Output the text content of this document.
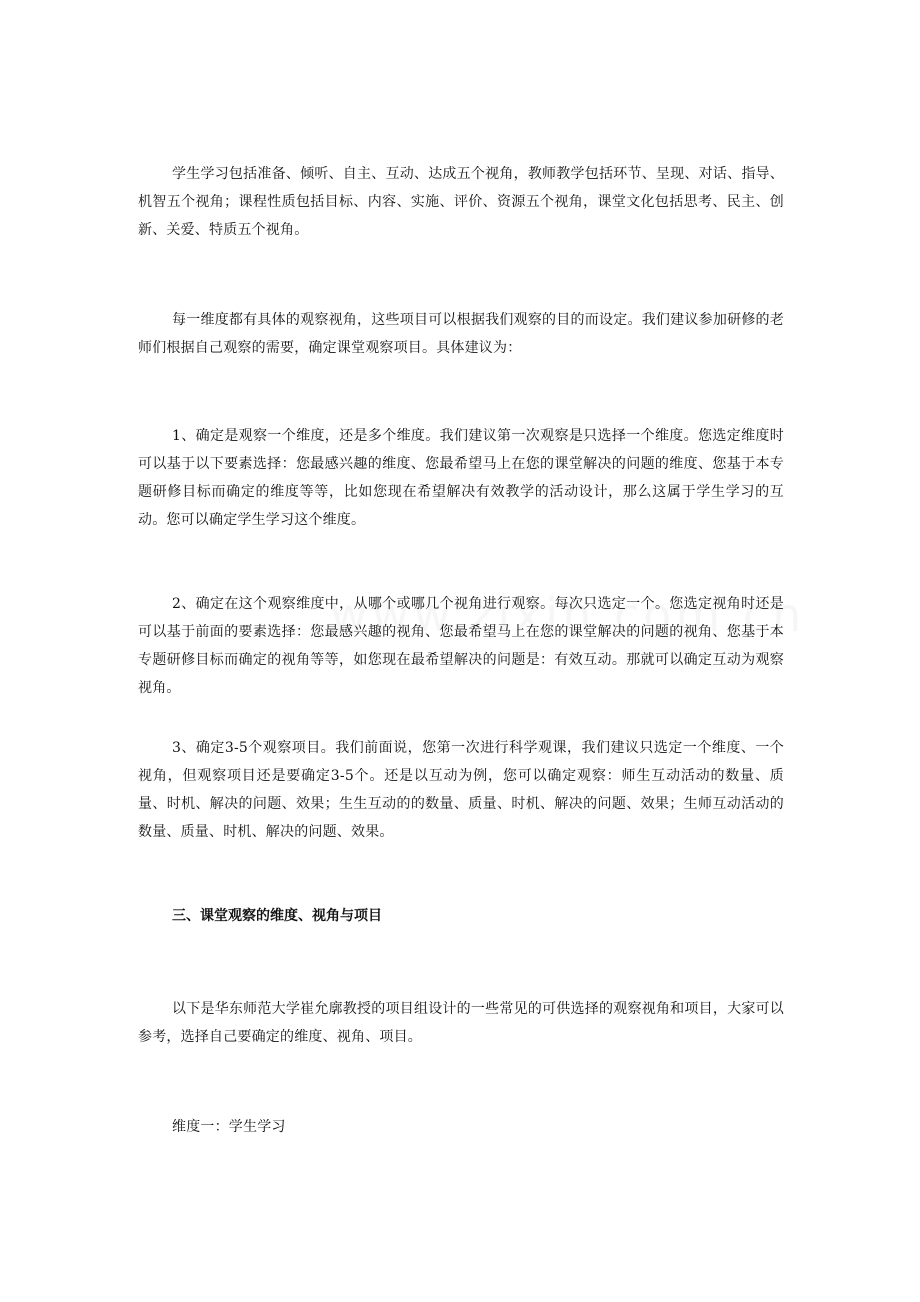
学生学习包括准备、倾听、自主、互动、达成五个视角，教师教学包括环节、呈现、对话、指导、机智五个视角；课程性质包括目标、内容、实施、评价、资源五个视角，课堂文化包括思考、民主、创新、关爱、特质五个视角。

每一维度都有具体的观察视角，这些项目可以根据我们观察的目的而设定。我们建议参加研修的老师们根据自己观察的需要，确定课堂观察项目。具体建议为：

1、确定是观察一个维度，还是多个维度。我们建议第一次观察是只选择一个维度。您选定维度时可以基于以下要素选择：您最感兴趣的维度、您最希望马上在您的课堂解决的问题的维度、您基于本专题研修目标而确定的维度等等，比如您现在希望解决有效教学的活动设计，那么这属于学生学习的互动。您可以确定学生学习这个维度。

2、确定在这个观察维度中，从哪个或哪几个视角进行观察。每次只选定一个。您选定视角时还是可以基于前面的要素选择：您最感兴趣的视角、您最希望马上在您的课堂解决的问题的视角、您基于本专题研修目标而确定的视角等等，如您现在最希望解决的问题是：有效互动。那就可以确定互动为观察视角。

3、确定3-5个观察项目。我们前面说，您第一次进行科学观课，我们建议只选定一个维度、一个视角，但观察项目还是要确定3-5个。还是以互动为例，您可以确定观察：师生互动活动的数量、质量、时机、解决的问题、效果；生生互动的的数量、质量、时机、解决的问题、效果；生师互动活动的数量、质量、时机、解决的问题、效果。

三、课堂观察的维度、视角与项目

以下是华东师范大学崔允廓教授的项目组设计的一些常见的可供选择的观察视角和项目，大家可以参考，选择自己要确定的维度、视角、项目。

维度一：学生学习
